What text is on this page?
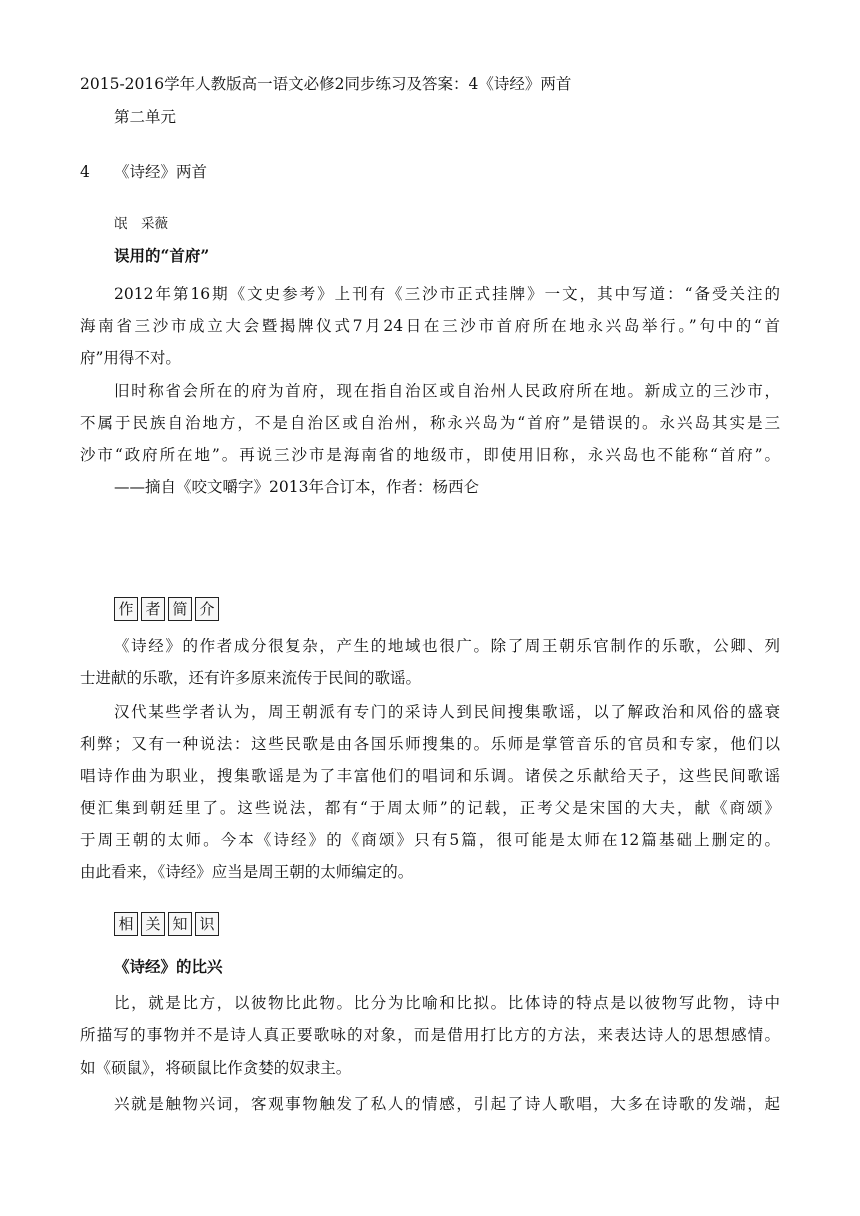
2015-2016学年人教版高一语文必修2同步练习及答案：4《诗经》两首
第二单元
4 《诗经》两首
氓　采薇
误用的“首府”
2012年第16期《文史参考》上刊有《三沙市正式挂牌》一文，其中写道：“备受关注的
海南省三沙市成立大会暨揭牌仪式7月24日在三沙市首府所在地永兴岛举行。”句中的“首
府”用得不对。
旧时称省会所在的府为首府，现在指自治区或自治州人民政府所在地。新成立的三沙市，
不属于民族自治地方，不是自治区或自治州，称永兴岛为“首府”是错误的。永兴岛其实是三
沙市“政府所在地”。再说三沙市是海南省的地级市，即使用旧称，永兴岛也不能称“首府”。
——摘自《咬文嚼字》2013年合订本，作者：杨西仑
作 者 简 介
《诗经》的作者成分很复杂，产生的地域也很广。除了周王朝乐官制作的乐歌，公卿、列
士进献的乐歌，还有许多原来流传于民间的歌谣。
汉代某些学者认为，周王朝派有专门的采诗人到民间搜集歌谣，以了解政治和风俗的盛衰
利弊；又有一种说法：这些民歌是由各国乐师搜集的。乐师是掌管音乐的官员和专家，他们以
唱诗作曲为职业，搜集歌谣是为了丰富他们的唱词和乐调。诸侯之乐献给天子，这些民间歌谣
便汇集到朝廷里了。这些说法，都有“于周太师”的记载，正考父是宋国的大夫，献《商颂》
于周王朝的太师。今本《诗经》的《商颂》只有5篇，很可能是太师在12篇基础上删定的。
由此看来，《诗经》应当是周王朝的太师编定的。
相 关 知 识
《诗经》的比兴
比，就是比方，以彼物比此物。比分为比喻和比拟。比体诗的特点是以彼物写此物，诗中
所描写的事物并不是诗人真正要歌咏的对象，而是借用打比方的方法，来表达诗人的思想感情。
如《硕鼠》，将硕鼠比作贪婪的奴隶主。
兴就是触物兴词，客观事物触发了私人的情感，引起了诗人歌唱，大多在诗歌的发端，起
